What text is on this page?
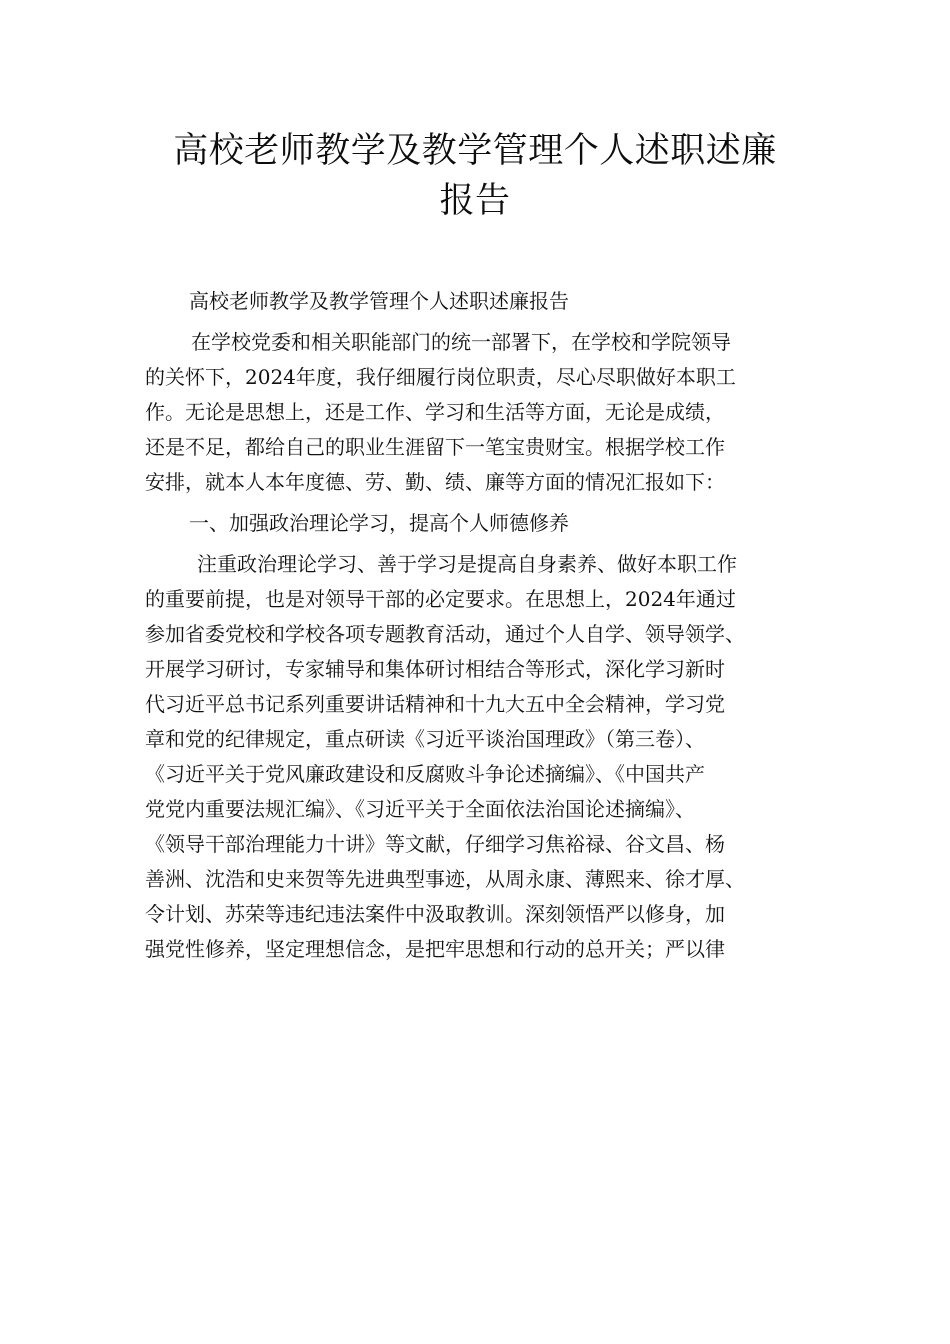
高校老师教学及教学管理个人述职述廉
报告
高校老师教学及教学管理个人述职述廉报告
在学校党委和相关职能部门的统一部署下，在学校和学院领导
的关怀下，2024年度，我仔细履行岗位职责，尽心尽职做好本职工
作。无论是思想上，还是工作、学习和生活等方面，无论是成绩，
还是不足，都给自己的职业生涯留下一笔宝贵财宝。根据学校工作
安排，就本人本年度德、劳、勤、绩、廉等方面的情况汇报如下：
一、加强政治理论学习，提高个人师德修养
注重政治理论学习、善于学习是提高自身素养、做好本职工作
的重要前提，也是对领导干部的必定要求。在思想上，2024年通过
参加省委党校和学校各项专题教育活动，通过个人自学、领导领学、
开展学习研讨，专家辅导和集体研讨相结合等形式，深化学习新时
代习近平总书记系列重要讲话精神和十九大五中全会精神，学习党
章和党的纪律规定，重点研读《习近平谈治国理政》（第三卷）、
《习近平关于党风廉政建设和反腐败斗争论述摘编》、《中国共产
党党内重要法规汇编》、《习近平关于全面依法治国论述摘编》、
《领导干部治理能力十讲》等文献，仔细学习焦裕禄、谷文昌、杨
善洲、沈浩和史来贺等先进典型事迹，从周永康、薄熙来、徐才厚、
令计划、苏荣等违纪违法案件中汲取教训。深刻领悟严以修身，加
强党性修养，坚定理想信念，是把牢思想和行动的总开关；严以律
